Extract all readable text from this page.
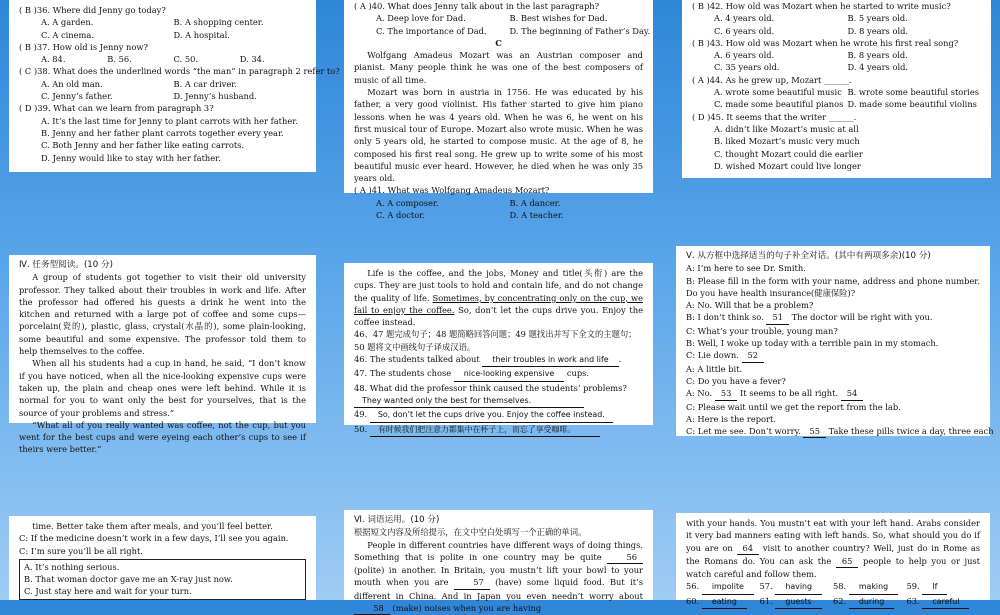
( B )36. Where did Jenny go today?
A. A garden.	B. A shopping center.
C. A cinema.	D. A hospital.
( B )37. How old is Jenny now?
A. 84.	B. 56.	C. 50.	D. 34.
( C )38. What does the underlined words “the man” in paragraph 2 refer to?
A. An old man.	B. A car driver.
C. Jenny’s father.	D. Jenny’s husband.
( D )39. What can we learn from paragraph 3?
A. It’s the last time for Jenny to plant carrots with her father.
B. Jenny and her father plant carrots together every year.
C. Both Jenny and her father like eating carrots.
D. Jenny would like to stay with her father.
( A )40. What does Jenny talk about in the last paragraph?
A. Deep love for Dad.	B. Best wishes for Dad.
C. The importance of Dad.	D. The beginning of Father’s Day.
C
Wolfgang Amadeus Mozart was an Austrian composer and pianist. Many people think he was one of the best composers of music of all time.
Mozart was born in austria in 1756. He was educated by his father, a very good violinist. His father started to give him piano lessons when he was 4 years old. When he was 6, he went on his first musical tour of Europe. Mozart also wrote music. When he was only 5 years old, he started to compose music. At the age of 8, he composed his first real song. He grew up to write some of his most beautiful music ever heard. However, he died when he was only 35 years old.
( A )41. What was Wolfgang Amadeus Mozart?
A. A composer.	B. A dancer.
C. A doctor.	D. A teacher.
( B )42. How old was Mozart when he started to write music?
A. 4 years old.	B. 5 years old.
C. 6 years old.	D. 8 years old.
( B )43. How old was Mozart when he wrote his first real song?
A. 6 years old.	B. 8 years old.
C. 35 years old.	D. 4 years old.
( A )44. As he grew up, Mozart ______.
A. wrote some beautiful music B. wrote some beautiful stories
C. made some beautiful pianos D. made some beautiful violins
( D )45. It seems that the writer ______.
A. didn’t like Mozart’s music at all
B. liked Mozart’s music very much
C. thought Mozart could die earlier
D. wished Mozart could live longer
Ⅳ. 任务型阅读。(10 分)
A group of students got together to visit their old university professor. They talked about their troubles in work and life. After the professor had offered his guests a drink he went into the kitchen and returned with a large pot of coffee and some cups—porcelain(瓷的), plastic, glass, crystal(水晶的), some plain-looking, some beautiful and some expensive. The professor told them to help themselves to the coffee.
When all his students had a cup in hand, he said, “I don’t know if you have noticed, when all the nice-looking expensive cups were taken up, the plain and cheap ones were left behind. While it is normal for you to want only the best for yourselves, that is the source of your problems and stress.”
“What all of you really wanted was coffee, not the cup, but you went for the best cups and were eyeing each other’s cups to see if theirs were better.”
Life is the coffee, and the jobs, Money and title(头衔) are the cups. They are just tools to hold and contain life, and do not change the quality of life. Sometimes, by concentrating only on the cup, we fail to enjoy the coffee. So, don’t let the cups drive you. Enjoy the coffee instead.
46、47 题完成句子；48 题简略回答问题；49 题找出并写下全文的主题句；
50 题将文中画线句子译成汉语。
46. The students talked about their troubles in work and life .
47. The students chose nice-looking expensive cups.
48. What did the professor think caused the students’ problems?
They wanted only the best for themselves.
49. So, don’t let the cups drive you. Enjoy the coffee instead.
50. 有时候我们把注意力都集中在杯子上，而忘了享受咖啡。
Ⅴ. 从方框中选择适当的句子补全对话。(其中有两项多余)(10 分)
A: I’m here to see Dr. Smith.
B: Please fill in the form with your name, address and phone number. Do you have health insurance(健康保险)?
A: No. Will that be a problem?
B: I don’t think so. 51 The doctor will be right with you.
C: What’s your trouble, young man?
B: Well, I woke up today with a terrible pain in my stomach.
C: Lie down. 52
A: A little bit.
C: Do you have a fever?
A: No. 53 It seems to be all right. 54
C: Please wait until we get the report from the lab.
A: Here is the report.
C: Let me see. Don’t worry. 55 Take these pills twice a day, three each
time. Better take them after meals, and you’ll feel better.
C: If the medicine doesn’t work in a few days, I’ll see you again.
C: I’m sure you’ll be all right.
A. It’s nothing serious.
B. That woman doctor gave me an X-ray just now.
C. Just stay here and wait for your turn.
Ⅵ. 词语运用。(10 分)
根据短文内容及所给提示，在文中空白处填写一个正确的单词。
People in different countries have different ways of doing things. Something that is polite in one country may be quite	56 (polite) in another. In Britain, you mustn’t lift your bowl to your mouth when you are	57 (have) some liquid food. But it’s different in China. And in Japan you even needn’t worry about 58 (make) noises when you are having
with your hands. You mustn’t eat with your left hand. Arabs consider it very bad manners eating with left hands. So, what should you do if you are on 64 visit to another country? Well, just do in Rome as the Romans do. You can ask the 65 people to help you or just watch careful and follow them.
56. impolite	57. having	58. making	59. If
60. eating	61. guests	62. during	63. careful
